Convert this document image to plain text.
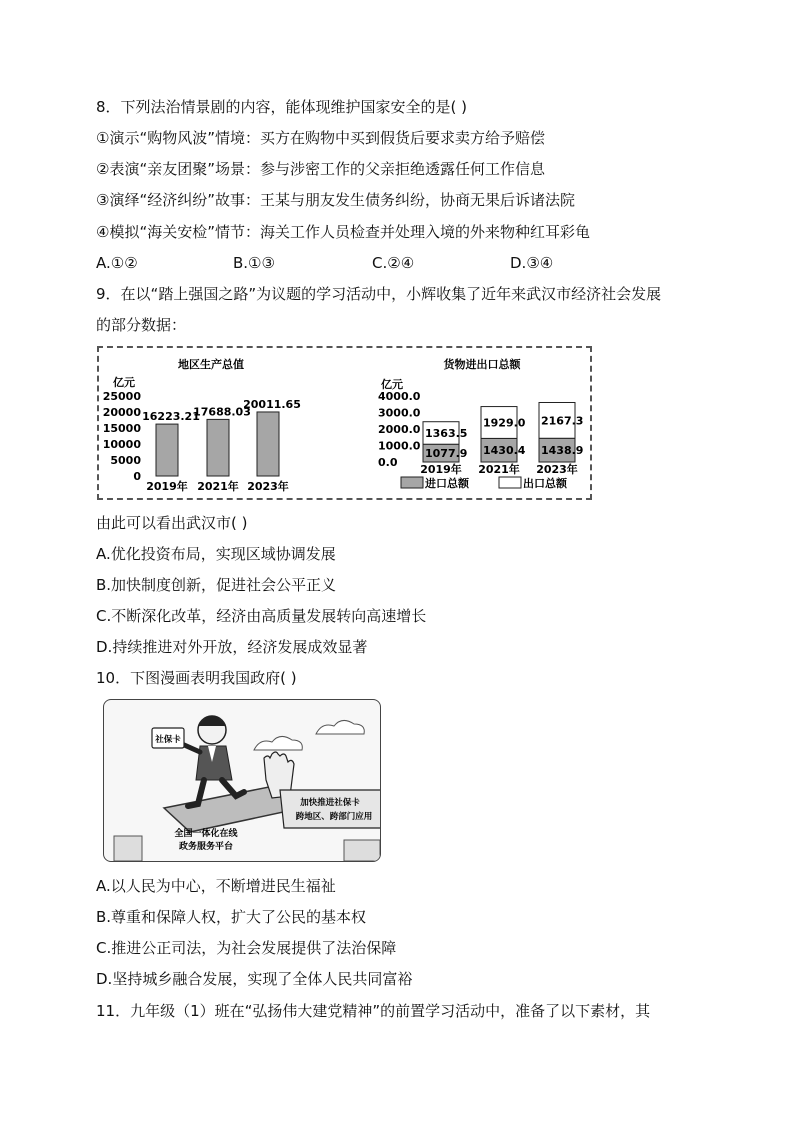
8．下列法治情景剧的内容，能体现维护国家安全的是( )
①演示“购物风波”情境：买方在购物中买到假货后要求卖方给予赔偿
②表演“亲友团聚”场景：参与涉密工作的父亲拒绝透露任何工作信息
③演绎“经济纠纷”故事：王某与朋友发生债务纠纷，协商无果后诉诸法院
④模拟“海关安检”情节：海关工作人员检查并处理入境的外来物种红耳彩龟
A.①②	B.①③	C.②④	D.③④
9．在以“踏上强国之路”为议题的学习活动中，小辉收集了近年来武汉市经济社会发展
的部分数据：
地区生产总值
亿元
25000
20000
15000
10000
5000
0
16223.21
2019年
17688.03
2021年
20011.65
2023年
货物进出口总额
亿元
4000.0
3000.0
2000.0
1000.0
0.0
1077.9
1363.5
2019年
1430.4
1929.0
2021年
1438.9
2167.3
2023年
进口总额	出口总额
由此可以看出武汉市( )
A.优化投资布局，实现区域协调发展
B.加快制度创新，促进社会公平正义
C.不断深化改革，经济由高质量发展转向高速增长
D.持续推进对外开放，经济发展成效显著
10．下图漫画表明我国政府( )
社保卡
加快推进社保卡
跨地区、跨部门应用
全国一体化在线
政务服务平台
A.以人民为中心，不断增进民生福祉
B.尊重和保障人权，扩大了公民的基本权
C.推进公正司法，为社会发展提供了法治保障
D.坚持城乡融合发展，实现了全体人民共同富裕
11．九年级（1）班在“弘扬伟大建党精神”的前置学习活动中，准备了以下素材，其
